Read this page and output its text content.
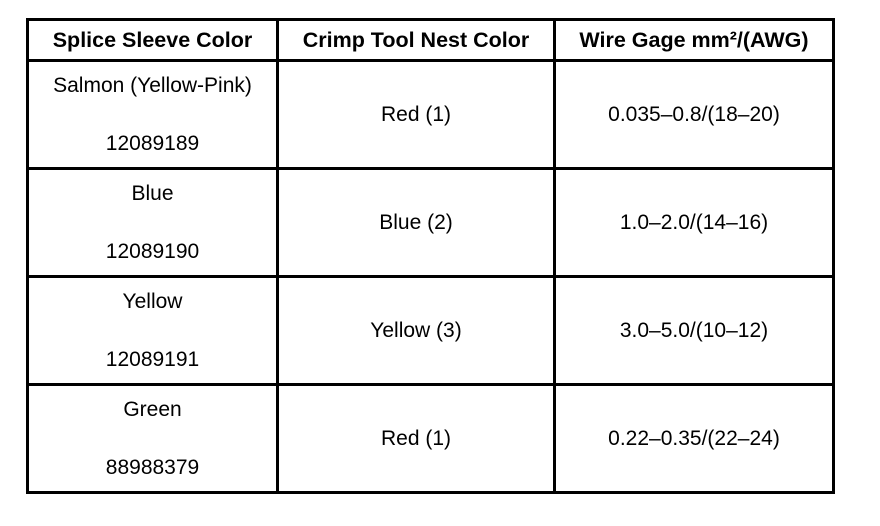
Splice Sleeve Color	Crimp Tool Nest Color	Wire Gage mm²/(AWG)

Salmon (Yellow-Pink)
12089189	Red (1)	0.035–0.8/(18–20)

Blue
12089190	Blue (2)	1.0–2.0/(14–16)

Yellow
12089191	Yellow (3)	3.0–5.0/(10–12)

Green
88988379	Red (1)	0.22–0.35/(22–24)
